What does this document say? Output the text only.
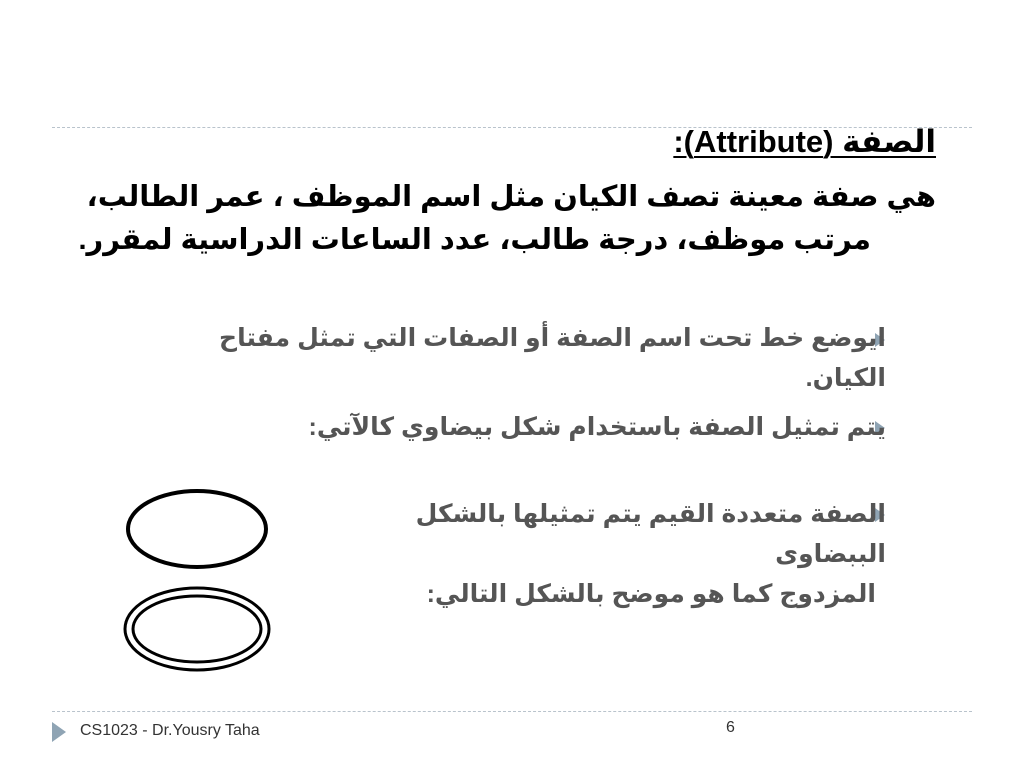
الصفة (Attribute):
هي صفة معينة تصف الكيان مثل اسم الموظف ، عمر الطالب،
مرتب موظف، درجة طالب، عدد الساعات الدراسية لمقرر.
ايوضع خط تحت اسم الصفة أو الصفات التي تمثل مفتاح الكيان.
يتم تمثيل الصفة باستخدام شكل بيضاوي كالآتي:
الصفة متعددة القيم يتم تمثيلها بالشكل الببضاوى
المزدوج كما هو موضح بالشكل التالي:
CS1023 - Dr.Yousry Taha	6
